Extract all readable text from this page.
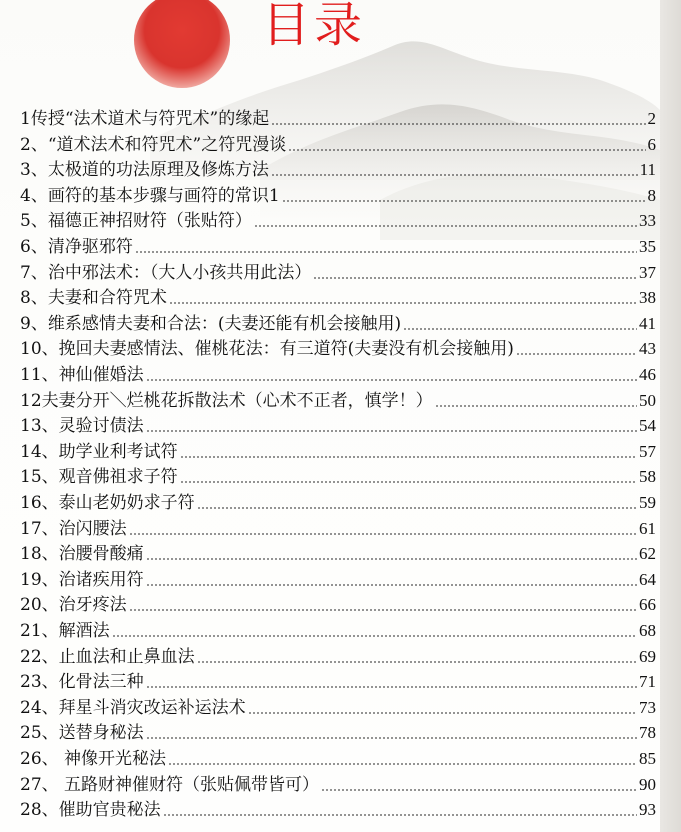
目录
1传授“法术道术与符咒术”的缘起	2
2、“道术法术和符咒术”之符咒漫谈	6
3、太极道的功法原理及修炼方法	11
4、画符的基本步骤与画符的常识1	8
5、福德正神招财符（张贴符）	33
6、清净驱邪符	35
7、治中邪法术：（大人小孩共用此法）	37
8、夫妻和合符咒术	38
9、维系感情夫妻和合法：(夫妻还能有机会接触用)	41
10、挽回夫妻感情法、催桃花法：有三道符(夫妻没有机会接触用)	43
11、神仙催婚法	46
12夫妻分开＼烂桃花拆散法术（心术不正者，慎学！）	50
13、灵验讨债法	54
14、助学业利考试符	57
15、观音佛祖求子符	58
16、泰山老奶奶求子符	59
17、治闪腰法	61
18、治腰骨酸痛	62
19、治诸疾用符	64
20、治牙疼法	66
21、解酒法	68
22、止血法和止鼻血法	69
23、化骨法三种	71
24、拜星斗消灾改运补运法术	73
25、送替身秘法	78
26、 神像开光秘法	85
27、 五路财神催财符（张贴佩带皆可）	90
28、催助官贵秘法	93
